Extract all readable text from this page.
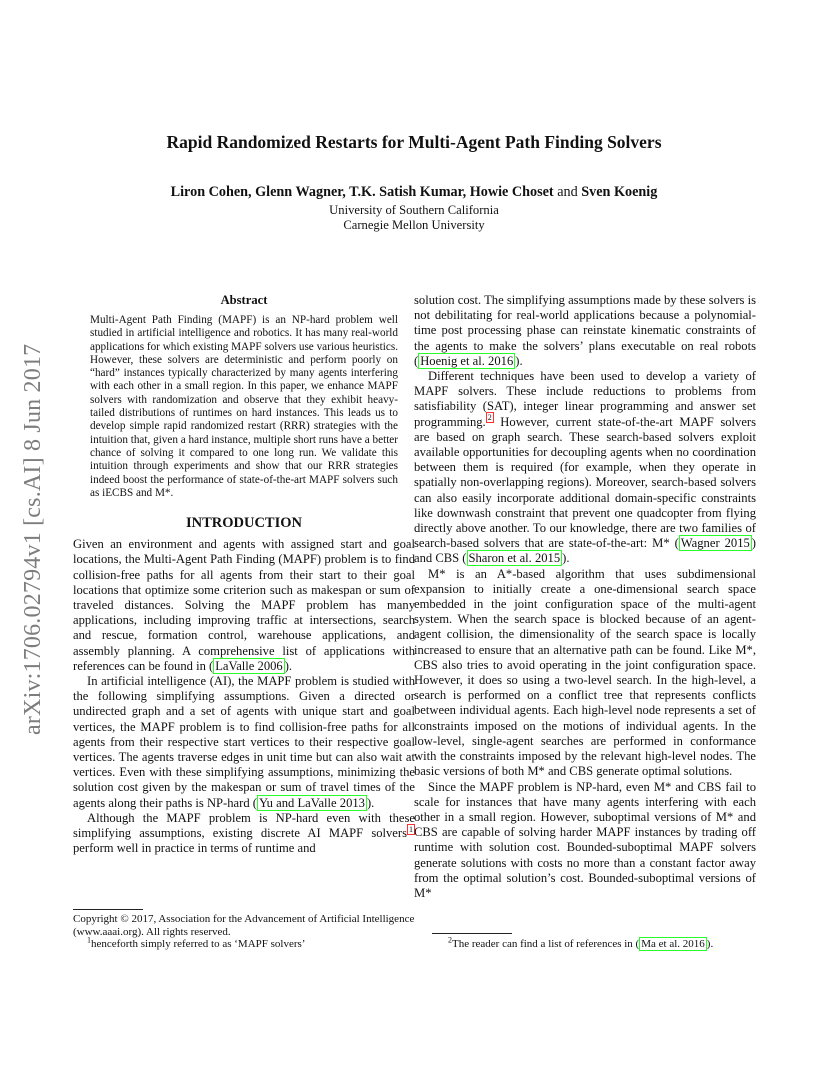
arXiv:1706.02794v1 [cs.AI] 8 Jun 2017
Rapid Randomized Restarts for Multi-Agent Path Finding Solvers
Liron Cohen, Glenn Wagner, T.K. Satish Kumar, Howie Choset and Sven Koenig
University of Southern California
Carnegie Mellon University
Abstract
Multi-Agent Path Finding (MAPF) is an NP-hard problem well studied in artificial intelligence and robotics. It has many real-world applications for which existing MAPF solvers use various heuristics. However, these solvers are deterministic and perform poorly on “hard” instances typically characterized by many agents interfering with each other in a small region. In this paper, we enhance MAPF solvers with randomization and observe that they exhibit heavy-tailed distributions of runtimes on hard instances. This leads us to develop simple rapid randomized restart (RRR) strategies with the intuition that, given a hard instance, multiple short runs have a better chance of solving it compared to one long run. We validate this intuition through experiments and show that our RRR strategies indeed boost the performance of state-of-the-art MAPF solvers such as iECBS and M*.
INTRODUCTION

Given an environment and agents with assigned start and goal locations, the Multi-Agent Path Finding (MAPF) problem is to find collision-free paths for all agents from their start to their goal locations that optimize some criterion such as makespan or sum of traveled distances. Solving the MAPF problem has many applications, including improving traffic at intersections, search and rescue, formation control, warehouse applications, and assembly planning. A comprehensive list of applications with references can be found in ( LaValle 2006 ).

In artificial intelligence (AI), the MAPF problem is studied with the following simplifying assumptions. Given a directed or undirected graph and a set of agents with unique start and goal vertices, the MAPF problem is to find collision-free paths for all agents from their respective start vertices to their respective goal vertices. The agents traverse edges in unit time but can also wait at vertices. Even with these simplifying assumptions, minimizing the solution cost given by the makespan or sum of travel times of the agents along their paths is NP-hard ( Yu and LaValle 2013 ).

Although the MAPF problem is NP-hard even with these simplifying assumptions, existing discrete AI MAPF solvers $^1$ perform well in practice in terms of runtime and

Copyright © 2017, Association for the Advancement of Artificial Intelligence (www.aaai.org). All rights reserved.
$^1$henceforth simply referred to as ‘MAPF solvers’

solution cost. The simplifying assumptions made by these solvers is not debilitating for real-world applications because a polynomial-time post processing phase can reinstate kinematic constraints of the agents to make the solvers’ plans executable on real robots ( Hoenig et al. 2016 ).

Different techniques have been used to develop a variety of MAPF solvers. These include reductions to problems from satisfiability (SAT), integer linear programming and answer set programming. $^2$ However, current state-of-the-art MAPF solvers are based on graph search. These search-based solvers exploit available opportunities for decoupling agents when no coordination between them is required (for example, when they operate in spatially non-overlapping regions). Moreover, search-based solvers can also easily incorporate additional domain-specific constraints like downwash constraint that prevent one quadcopter from flying directly above another. To our knowledge, there are two families of search-based solvers that are state-of-the-art: M* ( Wagner 2015 ) and CBS ( Sharon et al. 2015 ).

M* is an A*-based algorithm that uses subdimensional expansion to initially create a one-dimensional search space embedded in the joint configuration space of the multi-agent system. When the search space is blocked because of an agent-agent collision, the dimensionality of the search space is locally increased to ensure that an alternative path can be found. Like M*, CBS also tries to avoid operating in the joint configuration space. However, it does so using a two-level search. In the high-level, a search is performed on a conflict tree that represents conflicts between individual agents. Each high-level node represents a set of constraints imposed on the motions of individual agents. In the low-level, single-agent searches are performed in conformance with the constraints imposed by the relevant high-level nodes. The basic versions of both M* and CBS generate optimal solutions.

Since the MAPF problem is NP-hard, even M* and CBS fail to scale for instances that have many agents interfering with each other in a small region. However, suboptimal versions of M* and CBS are capable of solving harder MAPF instances by trading off runtime with solution cost. Bounded-suboptimal MAPF solvers generate solutions with costs no more than a constant factor away from the optimal solution’s cost. Bounded-suboptimal versions of M*

$^2$The reader can find a list of references in ( Ma et al. 2016 ).
